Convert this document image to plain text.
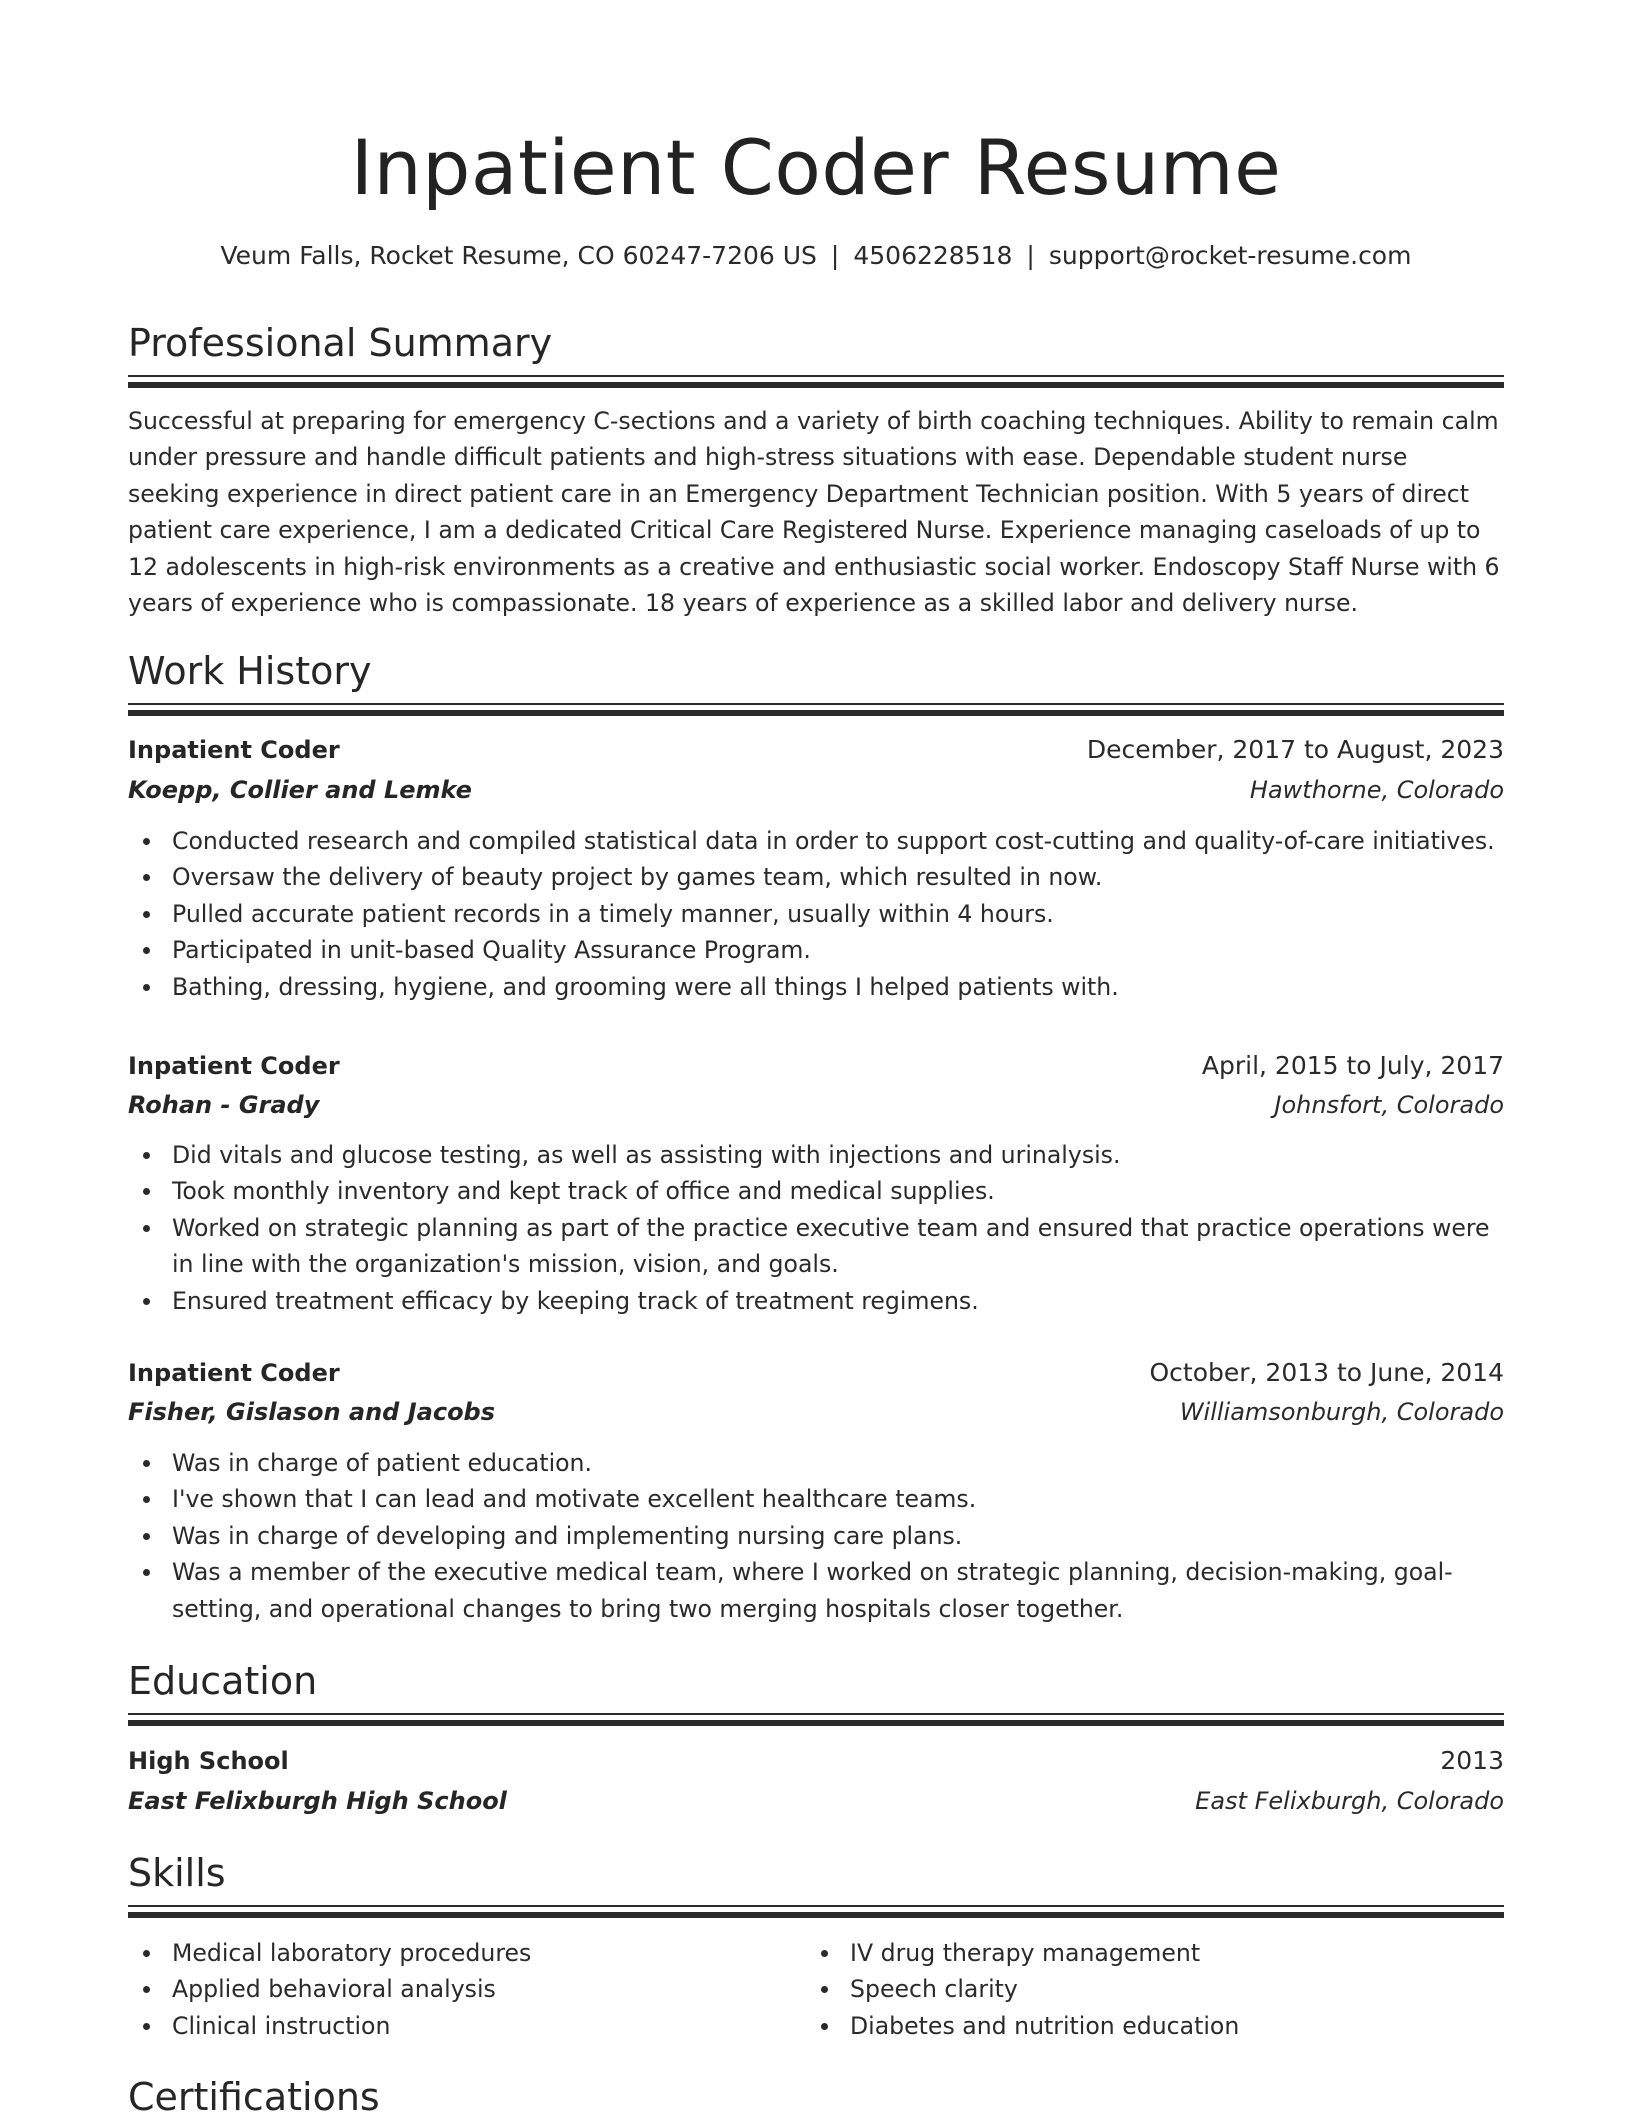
Inpatient Coder Resume
Veum Falls, Rocket Resume, CO 60247-7206 US | 4506228518 | support@rocket-resume.com
Professional Summary
Successful at preparing for emergency C-sections and a variety of birth coaching techniques. Ability to remain calm under pressure and handle difficult patients and high-stress situations with ease. Dependable student nurse seeking experience in direct patient care in an Emergency Department Technician position. With 5 years of direct patient care experience, I am a dedicated Critical Care Registered Nurse. Experience managing caseloads of up to 12 adolescents in high-risk environments as a creative and enthusiastic social worker. Endoscopy Staff Nurse with 6 years of experience who is compassionate. 18 years of experience as a skilled labor and delivery nurse.
Work History
Inpatient Coder	December, 2017 to August, 2023
Koepp, Collier and Lemke	Hawthorne, Colorado
Conducted research and compiled statistical data in order to support cost-cutting and quality-of-care initiatives.
Oversaw the delivery of beauty project by games team, which resulted in now.
Pulled accurate patient records in a timely manner, usually within 4 hours.
Participated in unit-based Quality Assurance Program.
Bathing, dressing, hygiene, and grooming were all things I helped patients with.
Inpatient Coder	April, 2015 to July, 2017
Rohan - Grady	Johnsfort, Colorado
Did vitals and glucose testing, as well as assisting with injections and urinalysis.
Took monthly inventory and kept track of office and medical supplies.
Worked on strategic planning as part of the practice executive team and ensured that practice operations were in line with the organization's mission, vision, and goals.
Ensured treatment efficacy by keeping track of treatment regimens.
Inpatient Coder	October, 2013 to June, 2014
Fisher, Gislason and Jacobs	Williamsonburgh, Colorado
Was in charge of patient education.
I've shown that I can lead and motivate excellent healthcare teams.
Was in charge of developing and implementing nursing care plans.
Was a member of the executive medical team, where I worked on strategic planning, decision-making, goal-setting, and operational changes to bring two merging hospitals closer together.
Education
High School	2013
East Felixburgh High School	East Felixburgh, Colorado
Skills
Medical laboratory procedures
Applied behavioral analysis
Clinical instruction
IV drug therapy management
Speech clarity
Diabetes and nutrition education
Certifications
